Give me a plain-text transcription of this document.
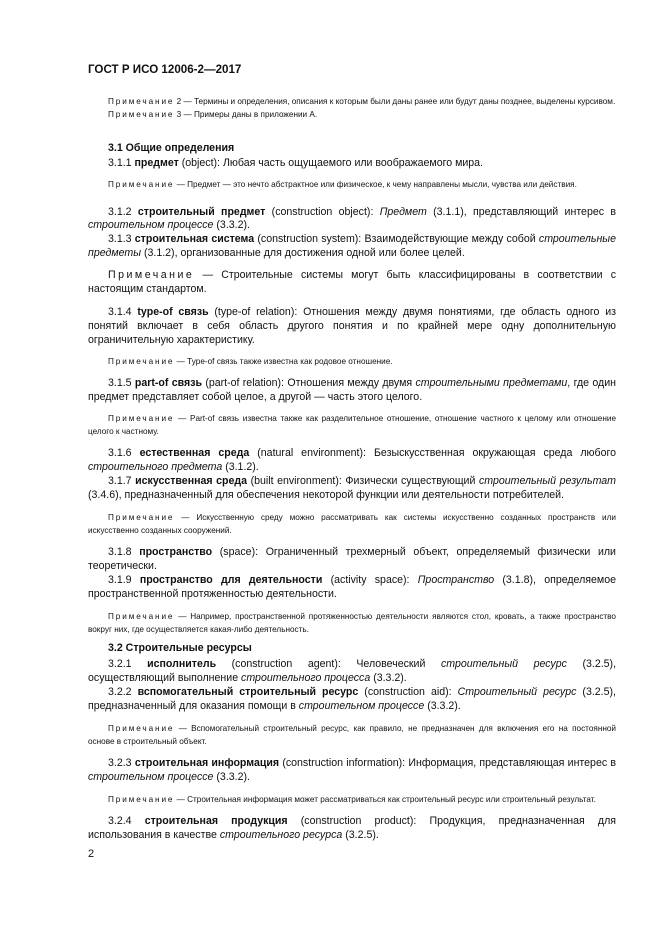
ГОСТ Р ИСО 12006-2—2017

Примечание 2 — Термины и определения, описания к которым были даны ранее или будут даны позднее, выделены курсивом.

Примечание 3 — Примеры даны в приложении А.

3.1 Общие определения

3.1.1 предмет (object): Любая часть ощущаемого или воображаемого мира.

Примечание — Предмет — это нечто абстрактное или физическое, к чему направлены мысли, чувства или действия.

3.1.2 строительный предмет (construction object): Предмет (3.1.1), представляющий интерес в строительном процессе (3.3.2).

3.1.3 строительная система (construction system): Взаимодействующие между собой строительные предметы (3.1.2), организованные для достижения одной или более целей.

Примечание — Строительные системы могут быть классифицированы в соответствии с настоящим стандартом.

3.1.4 type-of связь (type-of relation): Отношения между двумя понятиями, где область одного из понятий включает в себя область другого понятия и по крайней мере одну дополнительную ограничительную характеристику.

Примечание — Type-of связь также известна как родовое отношение.

3.1.5 part-of связь (part-of relation): Отношения между двумя строительными предметами, где один предмет представляет собой целое, а другой — часть этого целого.

Примечание — Part-of связь известна также как разделительное отношение, отношение частного к целому или отношение целого к частному.

3.1.6 естественная среда (natural environment): Безыскусственная окружающая среда любого строительного предмета (3.1.2).

3.1.7 искусственная среда (built environment): Физически существующий строительный результат (3.4.6), предназначенный для обеспечения некоторой функции или деятельности потребителей.

Примечание — Искусственную среду можно рассматривать как системы искусственно созданных пространств или искусственно созданных сооружений.

3.1.8 пространство (space): Ограниченный трехмерный объект, определяемый физически или теоретически.

3.1.9 пространство для деятельности (activity space): Пространство (3.1.8), определяемое пространственной протяженностью деятельности.

Примечание — Например, пространственной протяженностью деятельности являются стол, кровать, а также пространство вокруг них, где осуществляется какая-либо деятельность.

3.2 Строительные ресурсы

3.2.1 исполнитель (construction agent): Человеческий строительный ресурс (3.2.5), осуществляющий выполнение строительного процесса (3.3.2).

3.2.2 вспомогательный строительный ресурс (construction aid): Строительный ресурс (3.2.5), предназначенный для оказания помощи в строительном процессе (3.3.2).

Примечание — Вспомогательный строительный ресурс, как правило, не предназначен для включения его на постоянной основе в строительный объект.

3.2.3 строительная информация (construction information): Информация, представляющая интерес в строительном процессе (3.3.2).

Примечание — Строительная информация может рассматриваться как строительный ресурс или строительный результат.

3.2.4 строительная продукция (construction product): Продукция, предназначенная для использования в качестве строительного ресурса (3.2.5).

2
